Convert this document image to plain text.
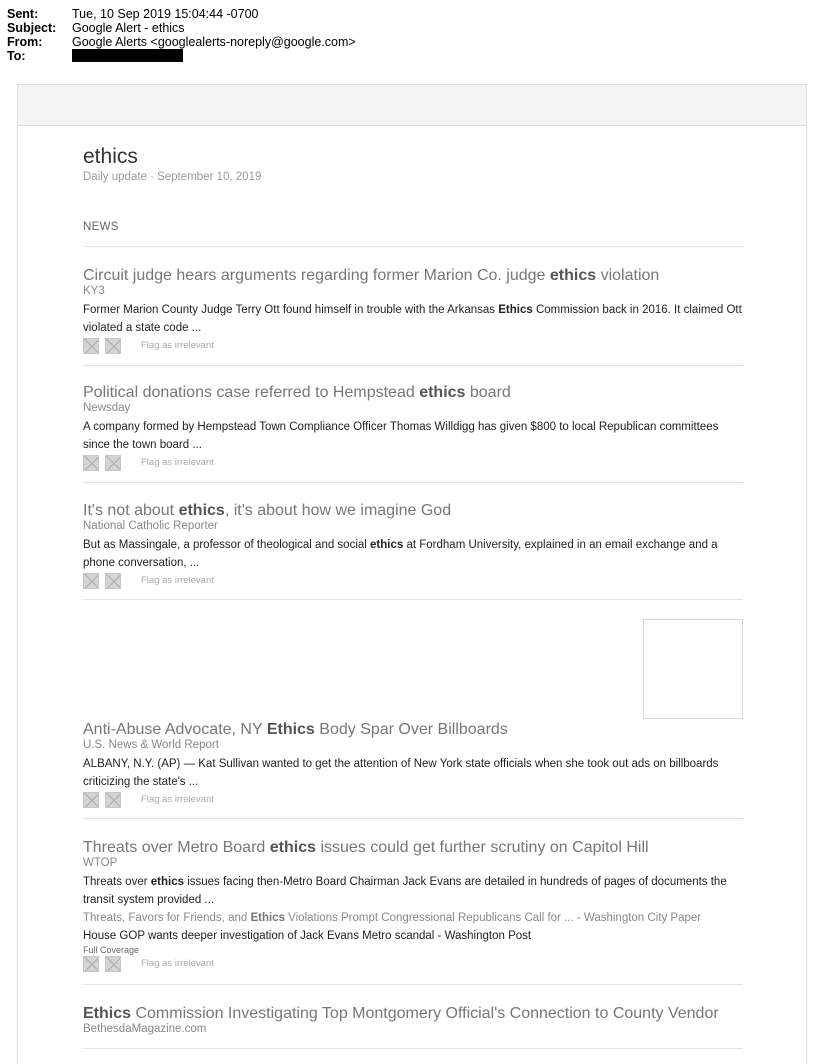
Sent:	Tue, 10 Sep 2019 15:04:44 -0700
Subject:	Google Alert - ethics
From:	Google Alerts <googlealerts-noreply@google.com>
To:
ethics
Daily update · September 10, 2019
NEWS
Circuit judge hears arguments regarding former Marion Co. judge ethics violation
KY3
Former Marion County Judge Terry Ott found himself in trouble with the Arkansas Ethics Commission back in 2016. It claimed Ott violated a state code ...
Flag as irrelevant
Political donations case referred to Hempstead ethics board
Newsday
A company formed by Hempstead Town Compliance Officer Thomas Willdigg has given $800 to local Republican committees since the town board ...
Flag as irrelevant
It's not about ethics, it's about how we imagine God
National Catholic Reporter
But as Massingale, a professor of theological and social ethics at Fordham University, explained in an email exchange and a phone conversation, ...
Flag as irrelevant
Anti-Abuse Advocate, NY Ethics Body Spar Over Billboards
U.S. News & World Report
ALBANY, N.Y. (AP) — Kat Sullivan wanted to get the attention of New York state officials when she took out ads on billboards criticizing the state's ...
Flag as irrelevant
Threats over Metro Board ethics issues could get further scrutiny on Capitol Hill
WTOP
Threats over ethics issues facing then-Metro Board Chairman Jack Evans are detailed in hundreds of pages of documents the transit system provided ...
Threats, Favors for Friends, and Ethics Violations Prompt Congressional Republicans Call for ... - Washington City Paper
House GOP wants deeper investigation of Jack Evans Metro scandal - Washington Post
Full Coverage
Flag as irrelevant
Ethics Commission Investigating Top Montgomery Official's Connection to County Vendor
BethesdaMagazine.com
